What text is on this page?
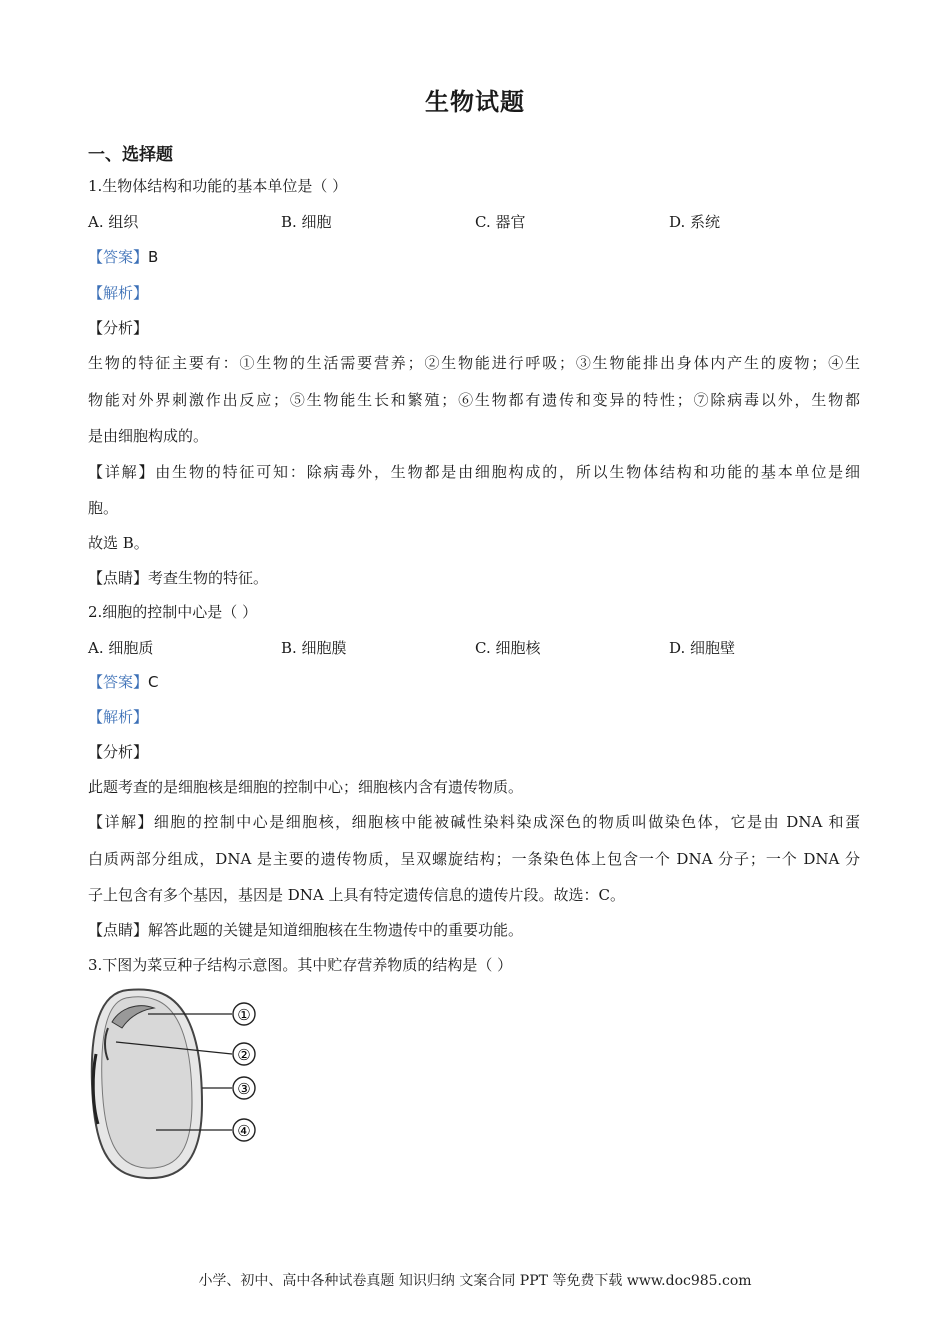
生物试题
一、选择题
1.生物体结构和功能的基本单位是（ ）
A. 组织	B. 细胞	C. 器官	D. 系统
【答案】B
【解析】
【分析】
生物的特征主要有：①生物的生活需要营养；②生物能进行呼吸；③生物能排出身体内产生的废物；④生
物能对外界刺激作出反应；⑤生物能生长和繁殖；⑥生物都有遗传和变异的特性；⑦除病毒以外，生物都
是由细胞构成的。
【详解】由生物的特征可知：除病毒外，生物都是由细胞构成的，所以生物体结构和功能的基本单位是细
胞。
故选 B。
【点睛】考查生物的特征。
2.细胞的控制中心是（ ）
A. 细胞质	B. 细胞膜	C. 细胞核	D. 细胞壁
【答案】C
【解析】
【分析】
此题考查的是细胞核是细胞的控制中心；细胞核内含有遗传物质。
【详解】细胞的控制中心是细胞核，细胞核中能被碱性染料染成深色的物质叫做染色体，它是由 DNA 和蛋
白质两部分组成，DNA 是主要的遗传物质，呈双螺旋结构；一条染色体上包含一个 DNA 分子；一个 DNA 分
子上包含有多个基因，基因是 DNA 上具有特定遗传信息的遗传片段。故选：C。
【点睛】解答此题的关键是知道细胞核在生物遗传中的重要功能。
3.下图为菜豆种子结构示意图。其中贮存营养物质的结构是（ ）
①
②
③
④
小学、初中、高中各种试卷真题 知识归纳 文案合同 PPT 等免费下载 www.doc985.com
